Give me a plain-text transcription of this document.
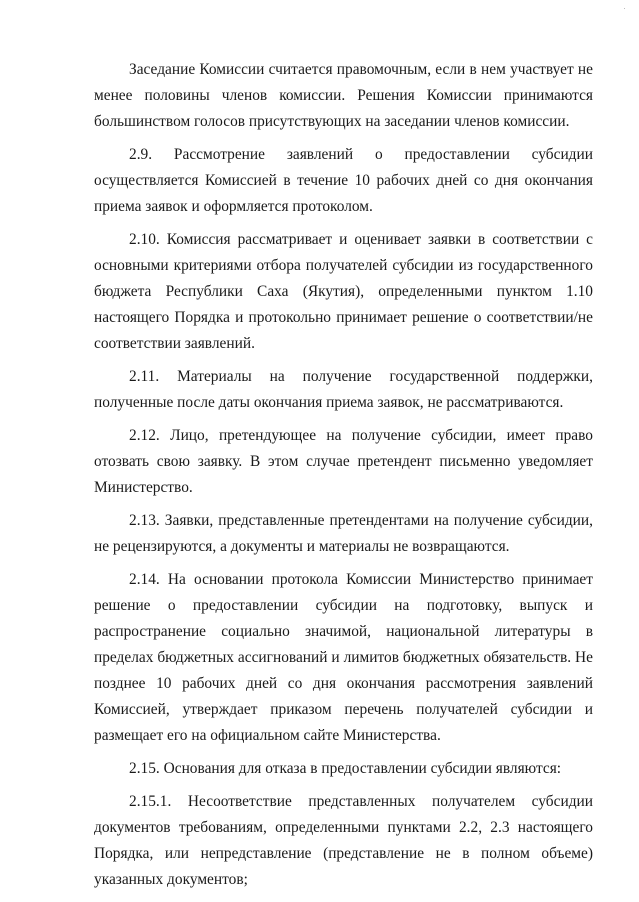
Заседание Комиссии считается правомочным, если в нем участвует не менее половины членов комиссии. Решения Комиссии принимаются большинством голосов присутствующих на заседании членов комиссии.

2.9. Рассмотрение заявлений о предоставлении субсидии осуществляется Комиссией в течение 10 рабочих дней со дня окончания приема заявок и оформляется протоколом.

2.10. Комиссия рассматривает и оценивает заявки в соответствии с основными критериями отбора получателей субсидии из государственного бюджета Республики Саха (Якутия), определенными пунктом 1.10 настоящего Порядка и протокольно принимает решение о соответствии/не соответствии заявлений.

2.11. Материалы на получение государственной поддержки, полученные после даты окончания приема заявок, не рассматриваются.

2.12. Лицо, претендующее на получение субсидии, имеет право отозвать свою заявку. В этом случае претендент письменно уведомляет Министерство.

2.13. Заявки, представленные претендентами на получение субсидии, не рецензируются, а документы и материалы не возвращаются.

2.14. На основании протокола Комиссии Министерство принимает решение о предоставлении субсидии на подготовку, выпуск и распространение социально значимой, национальной литературы в пределах бюджетных ассигнований и лимитов бюджетных обязательств. Не позднее 10 рабочих дней со дня окончания рассмотрения заявлений Комиссией, утверждает приказом перечень получателей субсидии и размещает его на официальном сайте Министерства.

2.15. Основания для отказа в предоставлении субсидии являются:

2.15.1. Несоответствие представленных получателем субсидии документов требованиям, определенными пунктами 2.2, 2.3 настоящего Порядка, или непредставление (представление не в полном объеме) указанных документов;
